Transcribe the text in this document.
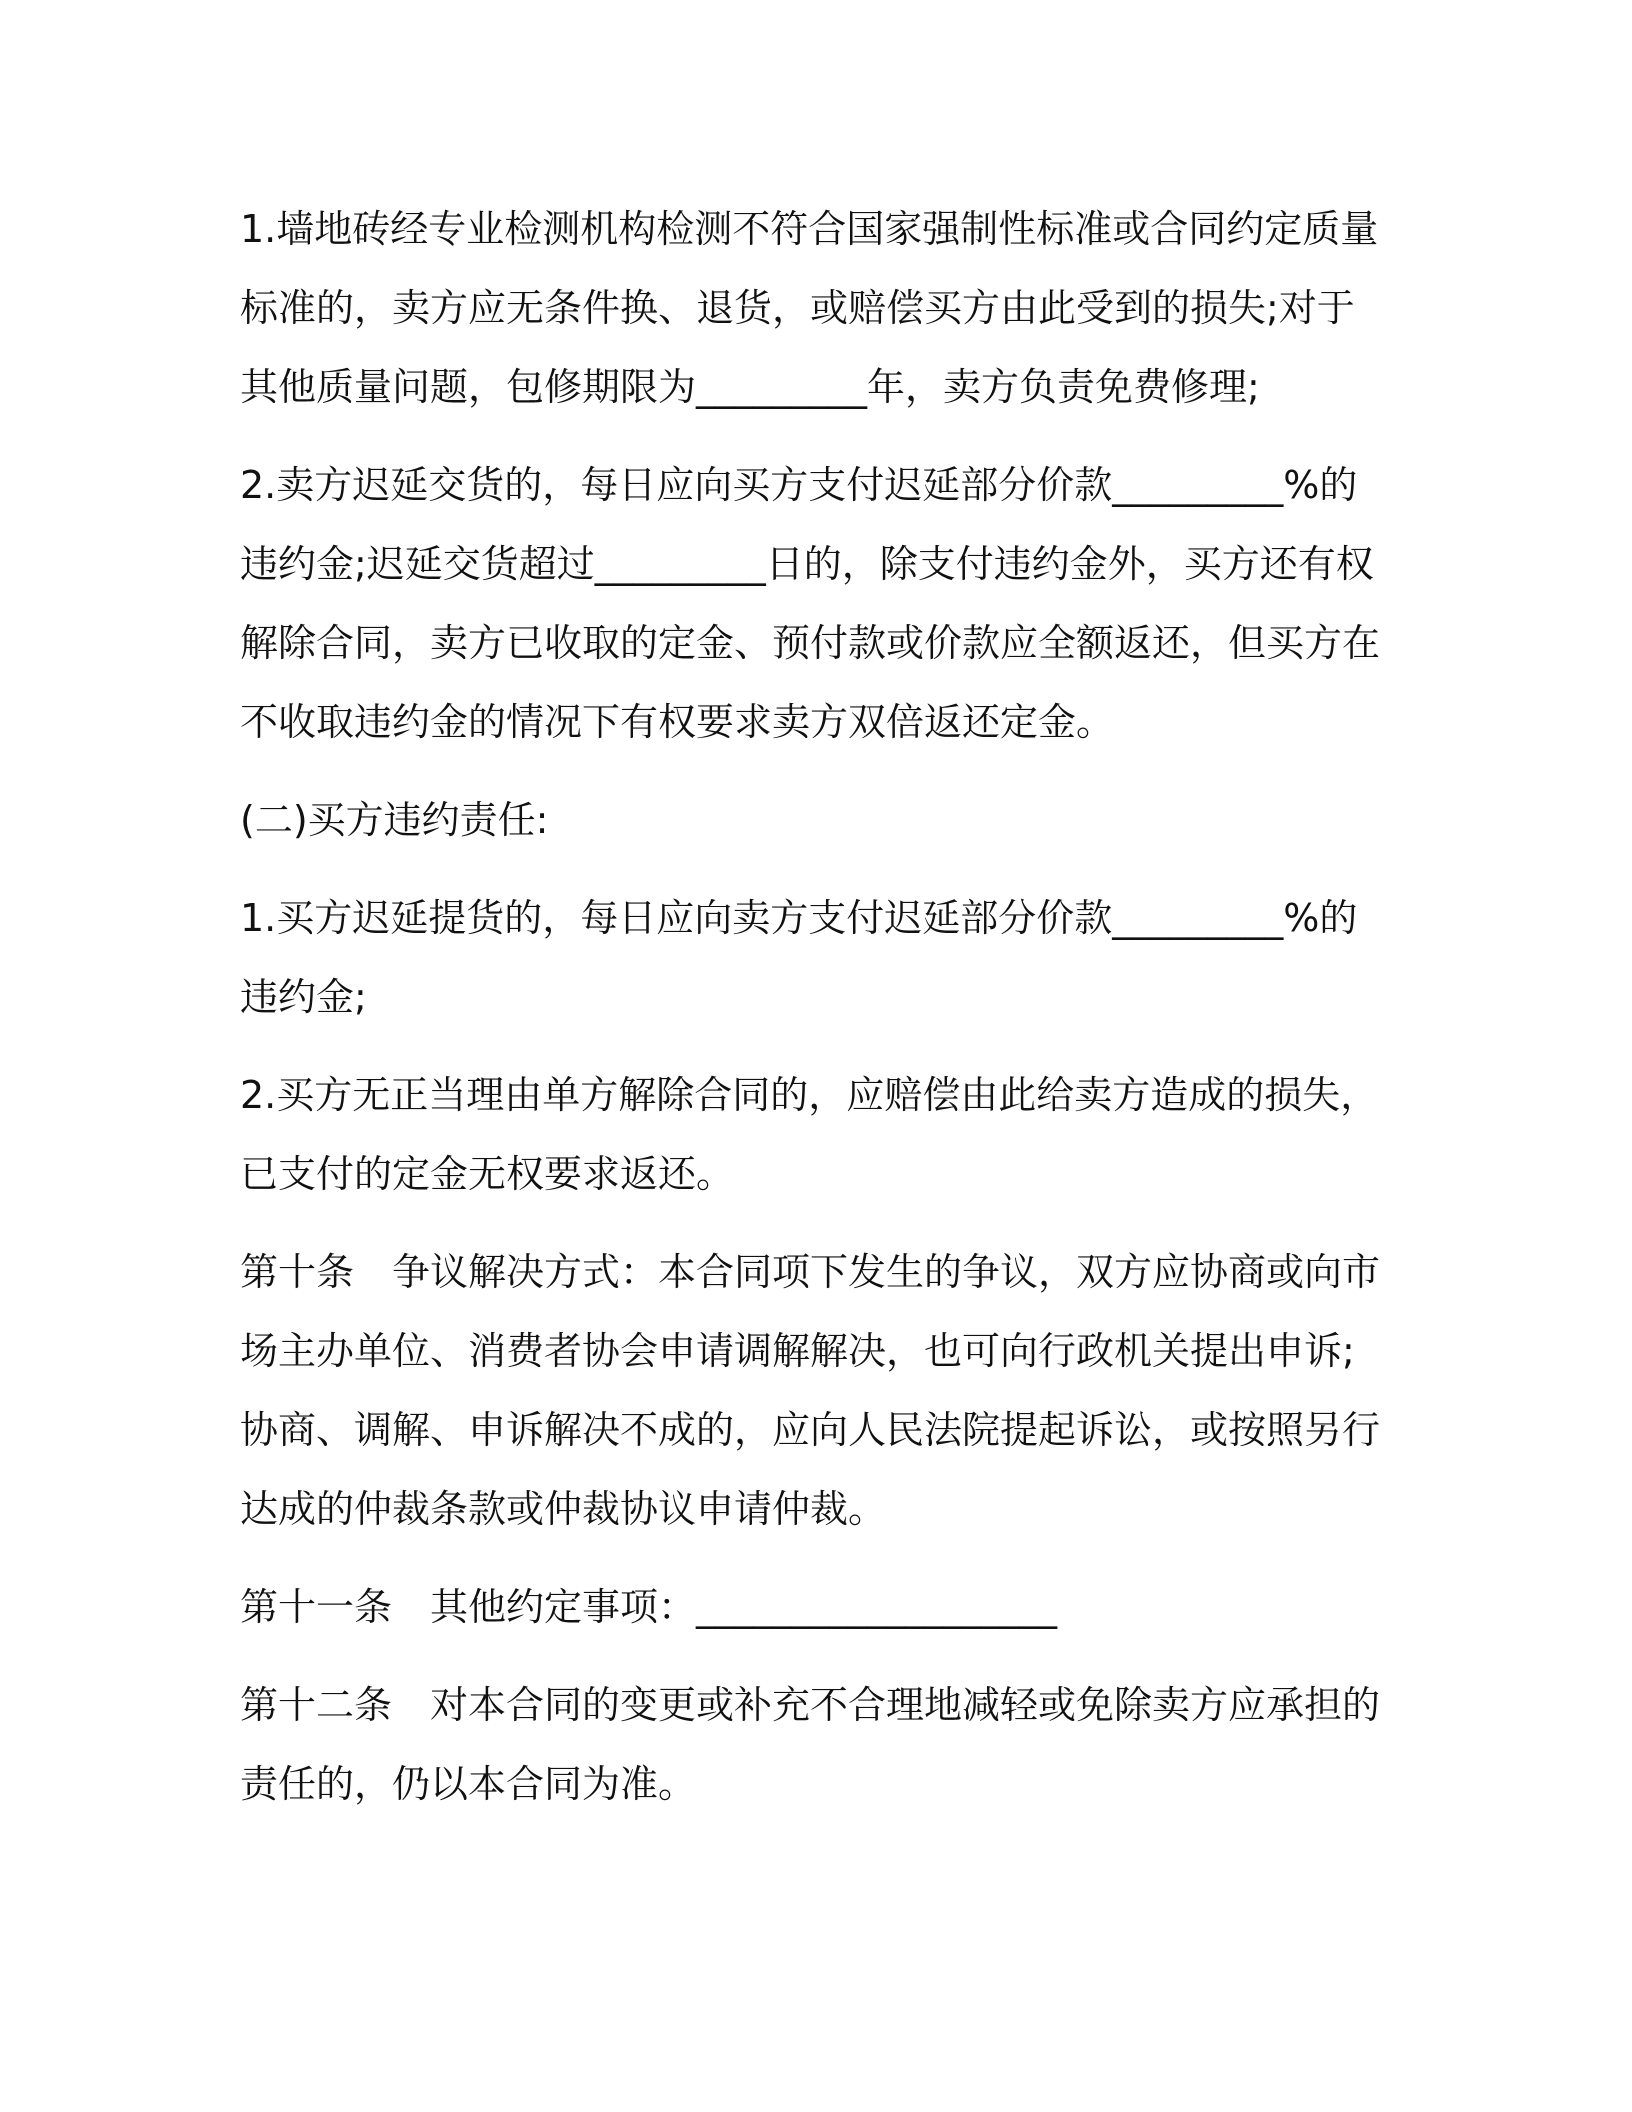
1.墙地砖经专业检测机构检测不符合国家强制性标准或合同约定质量标准的，卖方应无条件换、退货，或赔偿买方由此受到的损失;对于其他质量问题，包修期限为_________年，卖方负责免费修理;

2.卖方迟延交货的，每日应向买方支付迟延部分价款_________%的违约金;迟延交货超过_________日的，除支付违约金外，买方还有权解除合同，卖方已收取的定金、预付款或价款应全额返还，但买方在不收取违约金的情况下有权要求卖方双倍返还定金。

(二)买方违约责任:

1.买方迟延提货的，每日应向卖方支付迟延部分价款_________%的违约金;

2.买方无正当理由单方解除合同的，应赔偿由此给卖方造成的损失，已支付的定金无权要求返还。

第十条　争议解决方式：本合同项下发生的争议，双方应协商或向市场主办单位、消费者协会申请调解解决，也可向行政机关提出申诉;协商、调解、申诉解决不成的，应向人民法院提起诉讼，或按照另行达成的仲裁条款或仲裁协议申请仲裁。

第十一条　其他约定事项：___________________

第十二条　对本合同的变更或补充不合理地减轻或免除卖方应承担的责任的，仍以本合同为准。
